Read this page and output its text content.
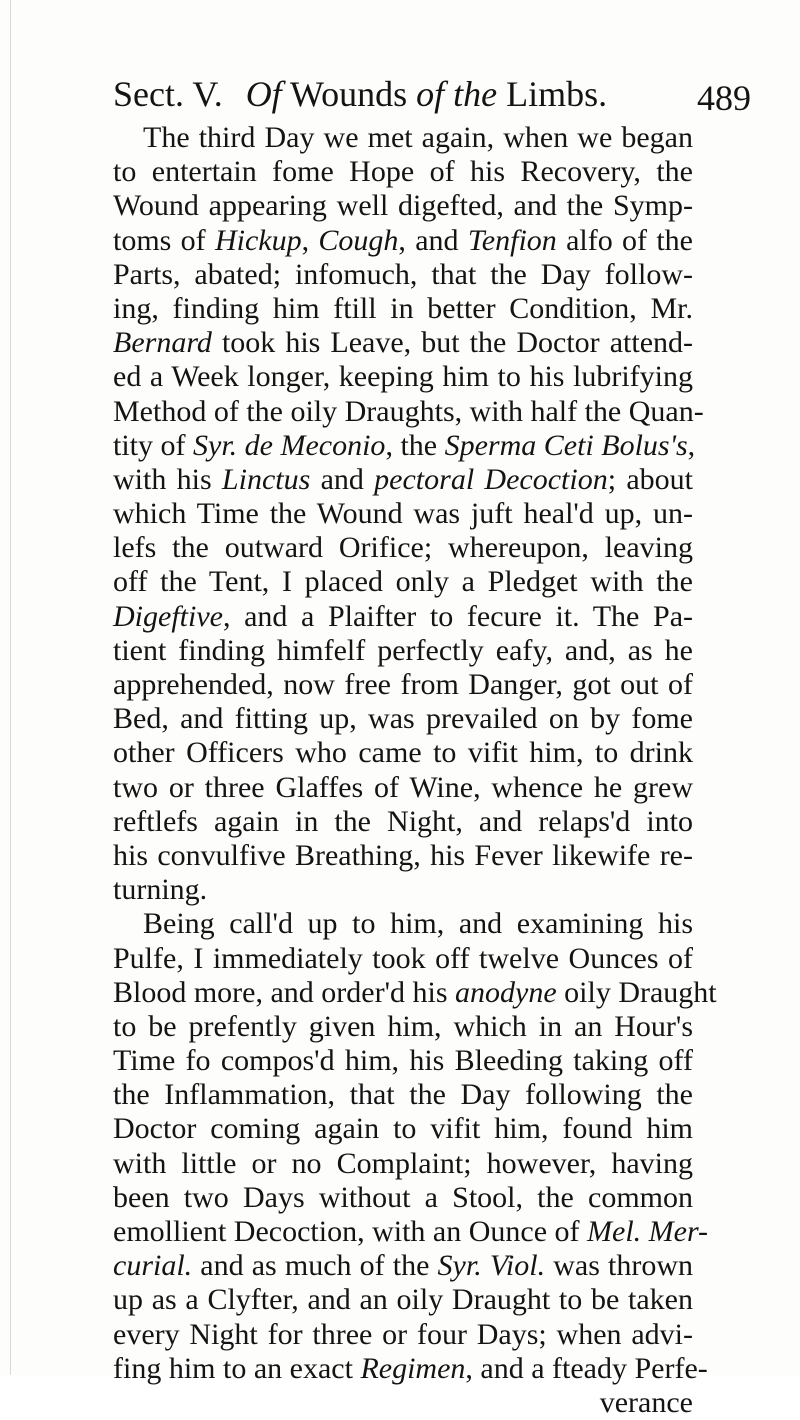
Sect. V. Of Wounds of the Limbs.	489
The third Day we met again, when we began
to entertain fome Hope of his Recovery, the
Wound appearing well digefted, and the Symp-
toms of Hickup, Cough, and Tenfion alfo of the
Parts, abated; infomuch, that the Day follow-
ing, finding him ftill in better Condition, Mr.
Bernard took his Leave, but the Doctor attend-
ed a Week longer, keeping him to his lubrifying
Method of the oily Draughts, with half the Quan-
tity of Syr. de Meconio, the Sperma Ceti Bolus's,
with his Linctus and pectoral Decoction; about
which Time the Wound was juft heal'd up, un-
lefs the outward Orifice; whereupon, leaving
off the Tent, I placed only a Pledget with the
Digeftive, and a Plaifter to fecure it. The Pa-
tient finding himfelf perfectly eafy, and, as he
apprehended, now free from Danger, got out of
Bed, and fitting up, was prevailed on by fome
other Officers who came to vifit him, to drink
two or three Glaffes of Wine, whence he grew
reftlefs again in the Night, and relaps'd into
his convulfive Breathing, his Fever likewife re-
turning.
Being call'd up to him, and examining his
Pulfe, I immediately took off twelve Ounces of
Blood more, and order'd his anodyne oily Draught
to be prefently given him, which in an Hour's
Time fo compos'd him, his Bleeding taking off
the Inflammation, that the Day following the
Doctor coming again to vifit him, found him
with little or no Complaint; however, having
been two Days without a Stool, the common
emollient Decoction, with an Ounce of Mel. Mer-
curial. and as much of the Syr. Viol. was thrown
up as a Clyfter, and an oily Draught to be taken
every Night for three or four Days; when advi-
fing him to an exact Regimen, and a fteady Perfe-
verance
